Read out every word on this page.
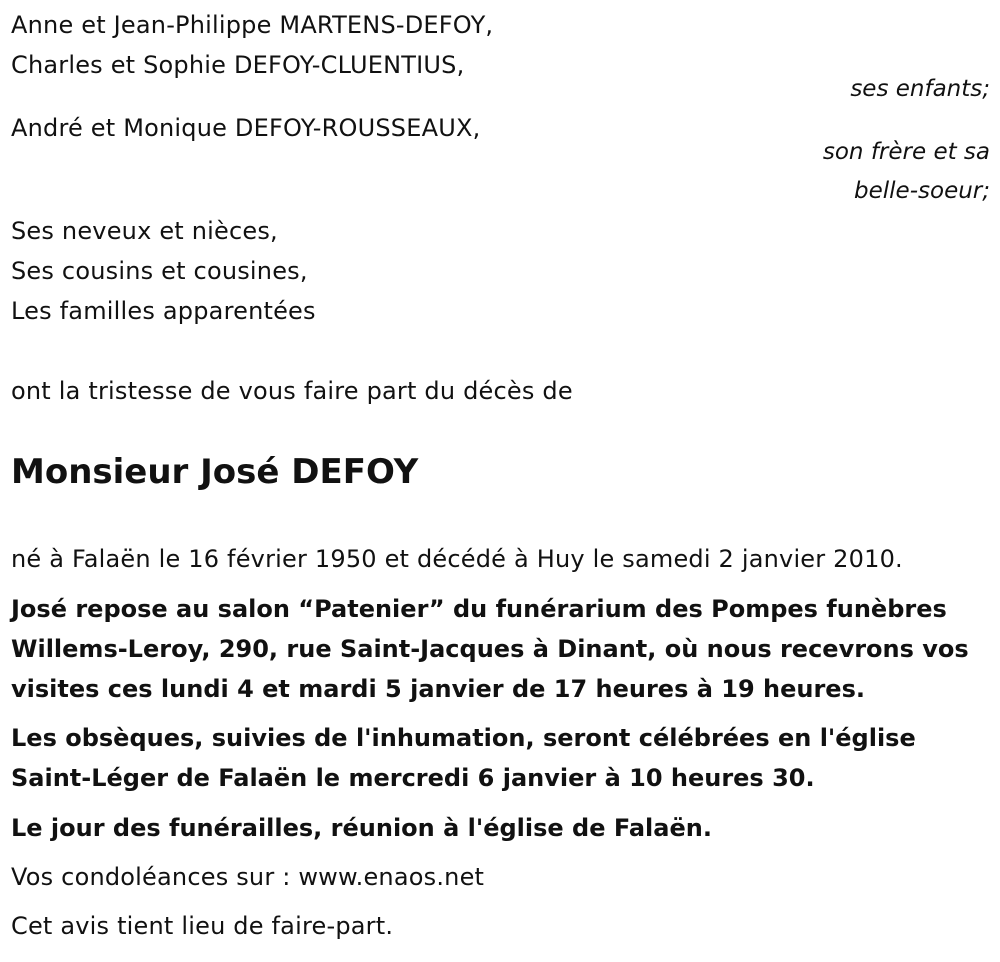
Anne et Jean-Philippe MARTENS-DEFOY,
Charles et Sophie DEFOY-CLUENTIUS,
ses enfants;
André et Monique DEFOY-ROUSSEAUX,
son frère et sa
belle-soeur;
Ses neveux et nièces,
Ses cousins et cousines,
Les familles apparentées
ont la tristesse de vous faire part du décès de
Monsieur José DEFOY
né à Falaën le 16 février 1950 et décédé à Huy le samedi 2 janvier 2010.
José repose au salon “Patenier” du funérarium des Pompes funèbres
Willems-Leroy, 290, rue Saint-Jacques à Dinant, où nous recevrons vos
visites ces lundi 4 et mardi 5 janvier de 17 heures à 19 heures.
Les obsèques, suivies de l'inhumation, seront célébrées en l'église
Saint-Léger de Falaën le mercredi 6 janvier à 10 heures 30.
Le jour des funérailles, réunion à l'église de Falaën.
Vos condoléances sur : www.enaos.net
Cet avis tient lieu de faire-part.
